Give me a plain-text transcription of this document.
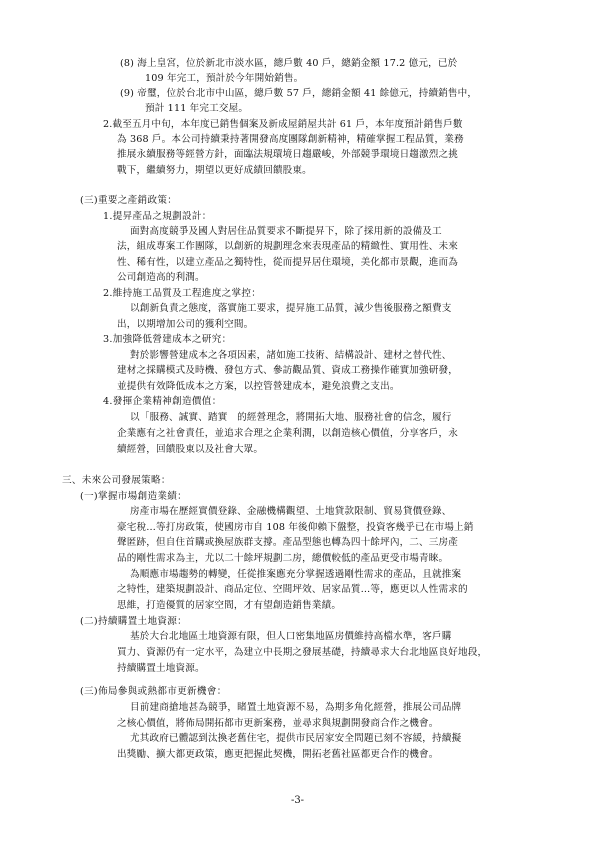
(8) 海上皇宮，位於新北市淡水區，總戶數 40 戶，總銷金額 17.2 億元，已於
109 年完工，預計於今年開始銷售。
(9) 帝璽，位於台北市中山區，總戶數 57 戶，總銷金額 41 餘億元，持續銷售中，
預計 111 年完工交屋。
2.截至五月中旬，本年度已銷售個案及新成屋銷屋共計 61 戶，本年度預計銷售戶數
為 368 戶。本公司持續秉持著開發高度團隊創新精神，精確掌握工程品質，業務
推展永續服務等經營方針，面臨法規環境日趨嚴峻，外部競爭環境日趨激烈之挑
戰下，繼續努力，期望以更好成績回饋股東。
(三)重要之產銷政策：
1.提昇產品之規劃設計：
面對高度競爭及國人對居住品質要求不斷提昇下，除了採用新的設備及工
法，組成專案工作團隊，以創新的規劃理念來表現產品的精緻性、實用性、未來
性、稀有性，以建立產品之獨特性，從而提昇居住環境，美化都市景觀，進而為
公司創造高的利潤。
2.維持施工品質及工程進度之掌控：
以創新負責之態度，落實施工要求，提昇施工品質，減少售後服務之額費支
出，以期增加公司的獲利空間。
3.加強降低營建成本之研究：
對於影響營建成本之各項因素，諸如施工技術、結構設計、建材之替代性、
建材之採購模式及時機、發包方式、參訪觀品質、資成工務操作確實加強研發，
並提供有效降低成本之方案，以控管營建成本，避免浪費之支出。
4.發揮企業精神創造價值：
以「服務、誠實、踏實　的經營理念，將開拓大地、服務社會的信念，履行
企業應有之社會責任，並追求合理之企業利潤，以創造核心價值，分享客戶，永
續經營，回饋股東以及社會大眾。
三、未來公司發展策略：
(一)掌握市場創造業績：
房產市場在歷經實價登錄、金融機構觀望、土地貸款限制、貿易貸價登錄、
豪宅稅…等打房政策，使國房市自 108 年後仰賴下盤整，投資客幾乎已在市場上銷
聲匿跡，但自住首購或換屋族群支撐。產品型態也轉為四十餘坪內，二、三房產
品的剛性需求為主，尤以二十餘坪規劃二房，總價較低的產品更受市場青睞。
為順應市場趨勢的轉變，任從推案應充分掌握透過剛性需求的產品，且就推案
之特性，建築規劃設計、商品定位、空間坪效、居家品質…等，應更以人性需求的
思維，打造優質的居家空間，才有望創造銷售業績。
(二)持續購置土地資源：
基於大台北地區土地資源有限，但人口密集地區房價維持高檔水準，客戶購
買力、資源仍有一定水平，為建立中長期之發展基礎，持續尋求大台北地區良好地段，
持續購置土地資源。
(三)佈局參與或熱都市更新機會：
目前建商搶地甚為競爭，睹置土地資源不易，為期多角化經營，推展公司品牌
之核心價值，將佈局開拓都市更新案務，並尋求與規劃開發商合作之機會。
尤其政府已體認到汰換老舊住宅，提供市民居家安全問題已刻不容緩，持續擬
出獎勵、擴大都更政策，應更把握此契機，開拓老舊社區都更合作的機會。
-3-
